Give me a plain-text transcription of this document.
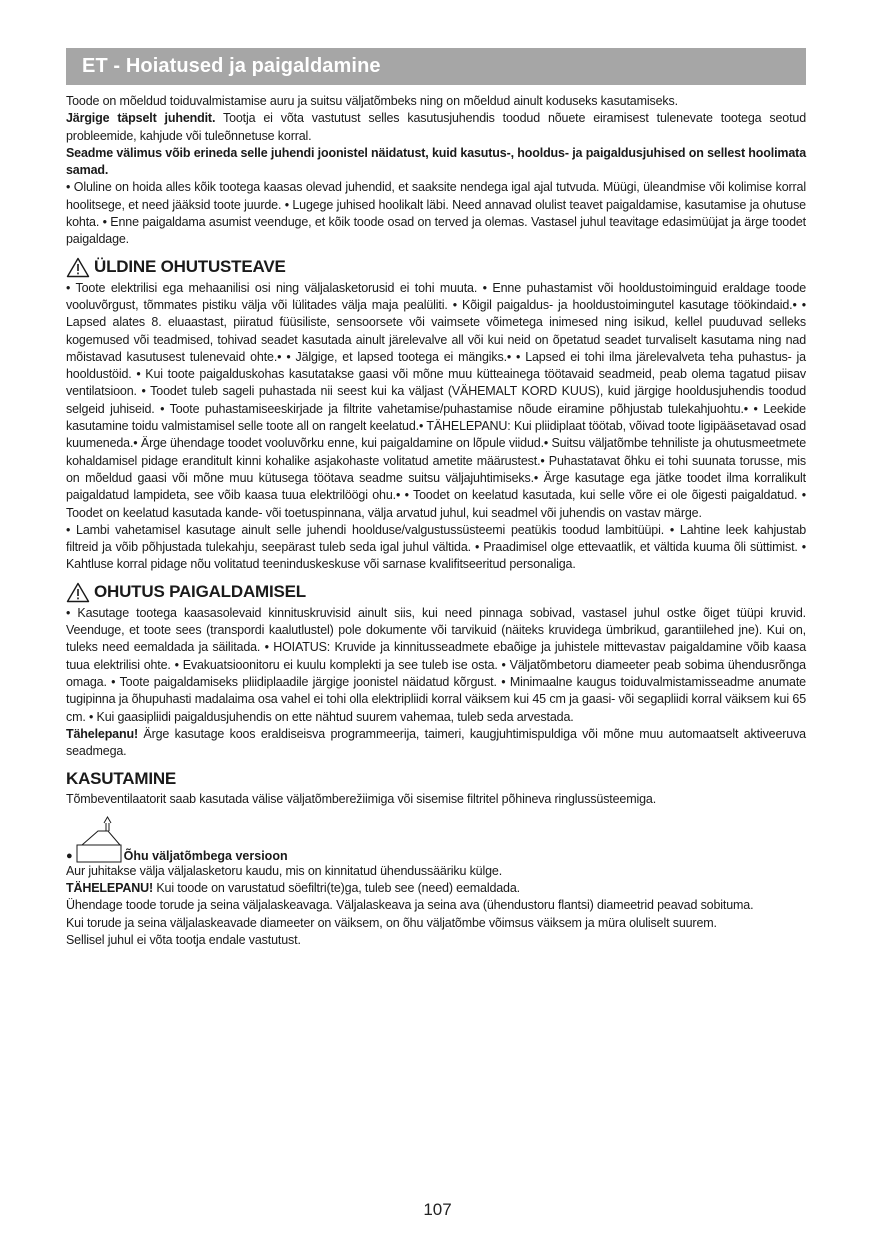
ET - Hoiatused ja paigaldamine

Toode on mõeldud toiduvalmistamise auru ja suitsu väljatõmbeks ning on mõeldud ainult koduseks kasutamiseks.

Järgige täpselt juhendit. Tootja ei võta vastutust selles kasutusjuhendis toodud nõuete eiramisest tulenevate tootega seotud probleemide, kahjude või tuleõnnetuse korral.

Seadme välimus võib erineda selle juhendi joonistel näidatust, kuid kasutus-, hooldus- ja paigaldusjuhised on sellest hoolimata samad.

• Oluline on hoida alles kõik tootega kaasas olevad juhendid, et saaksite nendega igal ajal tutvuda. Müügi, üleandmise või kolimise korral hoolitsege, et need jääksid toote juurde. • Lugege juhised hoolikalt läbi. Need annavad olulist teavet paigaldamise, kasutamise ja ohutuse kohta. • Enne paigaldama asumist veenduge, et kõik toode osad on terved ja olemas. Vastasel juhul teavitage edasimüüjat ja ärge toodet paigaldage.

ÜLDINE OHUTUSTEAVE

• Toote elektrilisi ega mehaanilisi osi ning väljalasketorusid ei tohi muuta. • Enne puhastamist või hooldustoiminguid eraldage toode vooluvõrgust, tõmmates pistiku välja või lülitades välja maja pealüliti. • Kõigil paigaldus- ja hooldustoimingutel kasutage töökindaid.• • Lapsed alates 8. eluaastast, piiratud füüsiliste, sensoorsete või vaimsete võimetega inimesed ning isikud, kellel puuduvad selleks kogemused või teadmised, tohivad seadet kasutada ainult järelevalve all või kui neid on õpetatud seadet turvaliselt kasutama ning nad mõistavad kasutusest tulenevaid ohte.• • Jälgige, et lapsed tootega ei mängiks.• • Lapsed ei tohi ilma järelevalveta teha puhastus- ja hooldustöid. • Kui toote paigalduskohas kasutatakse gaasi või mõne muu kütteainega töötavaid seadmeid, peab olema tagatud piisav ventilatsioon. • Toodet tuleb sageli puhastada nii seest kui ka väljast (VÄHEMALT KORD KUUS), kuid järgige hooldusjuhendis toodud selgeid juhiseid. • Toote puhastamiseeskirjade ja filtrite vahetamise/puhastamise nõude eiramine põhjustab tulekahjuohtu.• • Leekide kasutamine toidu valmistamisel selle toote all on rangelt keelatud.• TÄHELEPANU: Kui pliidiplaat töötab, võivad toote ligipääsetavad osad kuumeneda.• Ärge ühendage toodet vooluvõrku enne, kui paigaldamine on lõpule viidud.• Suitsu väljatõmbe tehniliste ja ohutusmeetmete kohaldamisel pidage eranditult kinni kohalike asjakohaste volitatud ametite määrustest.• Puhastatavat õhku ei tohi suunata torusse, mis on mõeldud gaasi või mõne muu kütusega töötava seadme suitsu väljajuhtimiseks.• Ärge kasutage ega jätke toodet ilma korralikult paigaldatud lampideta, see võib kaasa tuua elektrilöögi ohu.• • Toodet on keelatud kasutada, kui selle võre ei ole õigesti paigaldatud. • Toodet on keelatud kasutada kande- või toetuspinnana, välja arvatud juhul, kui seadmel või juhendis on vastav märge.

• Lambi vahetamisel kasutage ainult selle juhendi hoolduse/valgustussüsteemi peatükis toodud lambitüüpi. • Lahtine leek kahjustab filtreid ja võib põhjustada tulekahju, seepärast tuleb seda igal juhul vältida. • Praadimisel olge ettevaatlik, et vältida kuuma õli süttimist. • Kahtluse korral pidage nõu volitatud teeninduskeskuse või sarnase kvalifitseeritud personaliga.

OHUTUS PAIGALDAMISEL

• Kasutage tootega kaasasolevaid kinnituskruvisid ainult siis, kui need pinnaga sobivad, vastasel juhul ostke õiget tüüpi kruvid. Veenduge, et toote sees (transpordi kaalutlustel) pole dokumente või tarvikuid (näiteks kruvidega ümbrikud, garantiilehed jne). Kui on, tuleks need eemaldada ja säilitada. • HOIATUS: Kruvide ja kinnitusseadmete ebaõige ja juhistele mittevastav paigaldamine võib kaasa tuua elektrilisi ohte. • Evakuatsioonitoru ei kuulu komplekti ja see tuleb ise osta. • Väljatõmbetoru diameeter peab sobima ühendusrõnga omaga. • Toote paigaldamiseks pliidiplaadile järgige joonistel näidatud kõrgust. • Minimaalne kaugus toiduvalmistamisseadme anumate tugipinna ja õhupuhasti madalaima osa vahel ei tohi olla elektripliidi korral väiksem kui 45 cm ja gaasi- või segapliidi korral väiksem kui 65 cm. • Kui gaasipliidi paigaldusjuhendis on ette nähtud suurem vahemaa, tuleb seda arvestada.

Tähelepanu! Ärge kasutage koos eraldiseisva programmeerija, taimeri, kaugjuhtimispuldiga või mõne muu automaatselt aktiveeruva seadmega.

KASUTAMINE

Tõmbeventilaatorit saab kasutada välise väljatõmberežiimiga või sisemise filtritel põhineva ringlussüsteemiga.

●	Õhu väljatõmbega versioon

Aur juhitakse välja väljalasketoru kaudu, mis on kinnitatud ühendussääriku külge.

TÄHELEPANU! Kui toode on varustatud söefiltri(te)ga, tuleb see (need) eemaldada.

Ühendage toode torude ja seina väljalaskeavaga. Väljalaskeava ja seina ava (ühendustoru flantsi) diameetrid peavad sobituma.

Kui torude ja seina väljalaskeavade diameeter on väiksem, on õhu väljatõmbe võimsus väiksem ja müra oluliselt suurem.

Sellisel juhul ei võta tootja endale vastutust.

107
